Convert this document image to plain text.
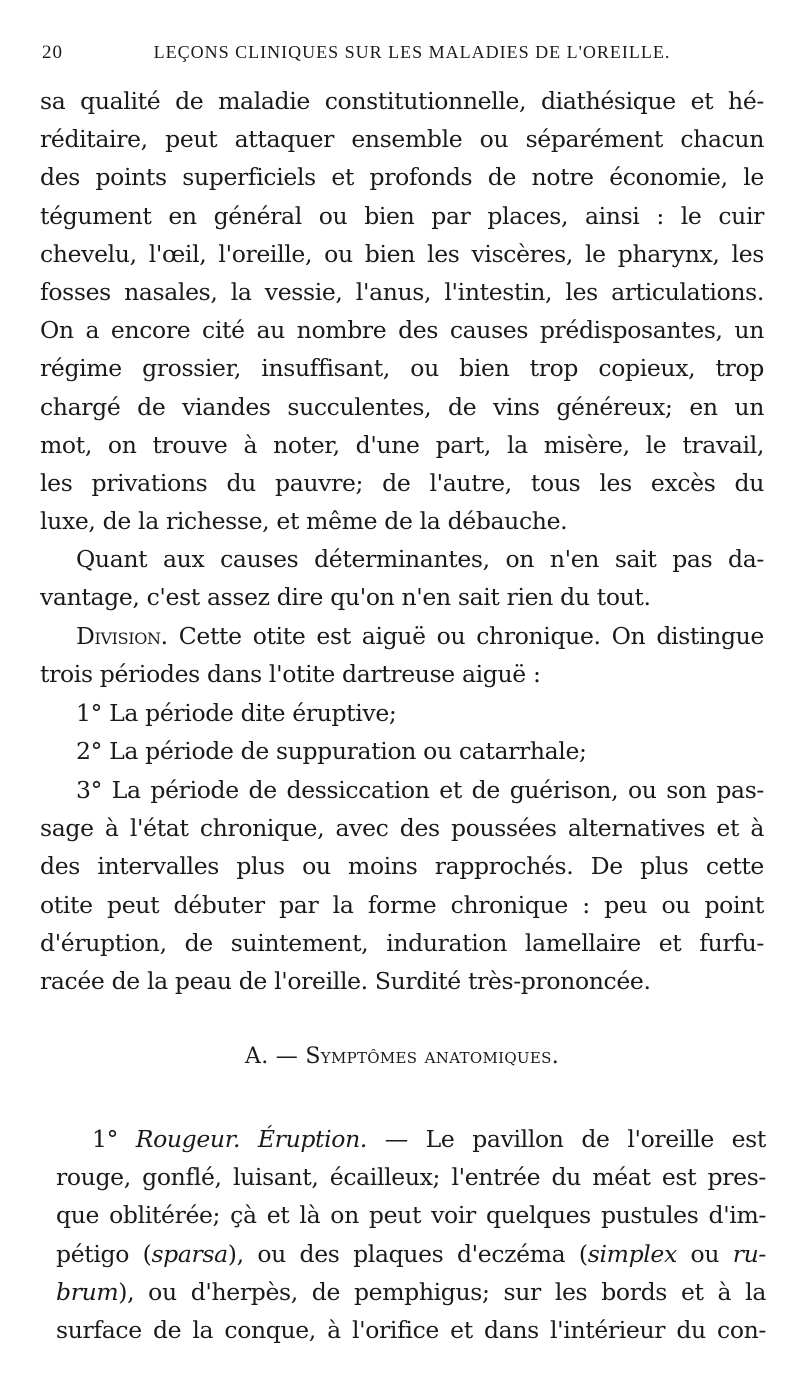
20	LEÇONS CLINIQUES SUR LES MALADIES DE L'OREILLE.
sa qualité de maladie constitutionnelle, diathésique et hé-
réditaire, peut attaquer ensemble ou séparément chacun
des points superficiels et profonds de notre économie, le
tégument en général ou bien par places, ainsi : le cuir
chevelu, l'œil, l'oreille, ou bien les viscères, le pharynx, les
fosses nasales, la vessie, l'anus, l'intestin, les articulations.
On a encore cité au nombre des causes prédisposantes, un
régime grossier, insuffisant, ou bien trop copieux, trop
chargé de viandes succulentes, de vins généreux; en un
mot, on trouve à noter, d'une part, la misère, le travail,
les privations du pauvre; de l'autre, tous les excès du
luxe, de la richesse, et même de la débauche.
Quant aux causes déterminantes, on n'en sait pas da-
vantage, c'est assez dire qu'on n'en sait rien du tout.
Division. Cette otite est aiguë ou chronique. On distingue
trois périodes dans l'otite dartreuse aiguë :
1° La période dite éruptive;
2° La période de suppuration ou catarrhale;
3° La période de dessiccation et de guérison, ou son pas-
sage à l'état chronique, avec des poussées alternatives et à
des intervalles plus ou moins rapprochés. De plus cette
otite peut débuter par la forme chronique : peu ou point
d'éruption, de suintement, induration lamellaire et furfu-
racée de la peau de l'oreille. Surdité très-prononcée.
A. — Symptômes anatomiques.
1° Rougeur. Éruption. — Le pavillon de l'oreille est
rouge, gonflé, luisant, écailleux; l'entrée du méat est pres-
que oblitérée; çà et là on peut voir quelques pustules d'im-
pétigo (sparsa), ou des plaques d'eczéma (simplex ou ru-
brum), ou d'herpès, de pemphigus; sur les bords et à la
surface de la conque, à l'orifice et dans l'intérieur du con-
